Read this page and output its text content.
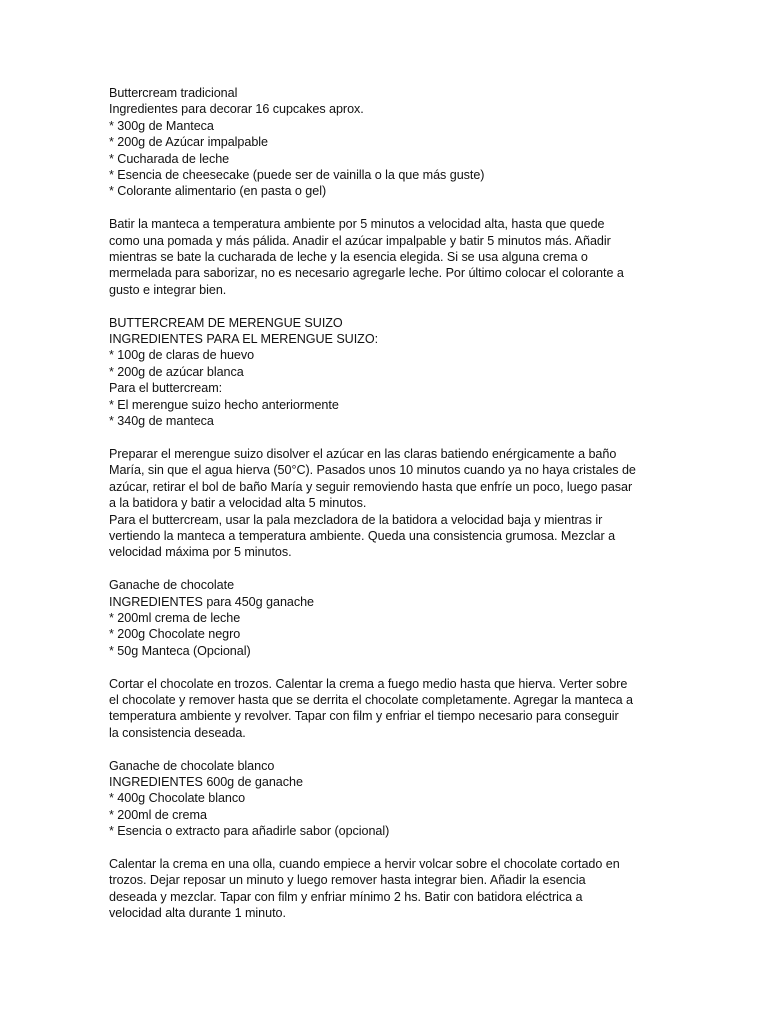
Buttercream tradicional
Ingredientes para decorar 16 cupcakes aprox.
* 300g de Manteca
* 200g de Azúcar impalpable
* Cucharada de leche
* Esencia de cheesecake (puede ser de vainilla o la que más guste)
* Colorante alimentario (en pasta o gel)
Batir la manteca a temperatura ambiente por 5 minutos a velocidad alta, hasta que quede
como una pomada y más pálida. Anadir el azúcar impalpable y batir 5 minutos más. Añadir
mientras se bate la cucharada de leche y la esencia elegida. Si se usa alguna crema o
mermelada para saborizar, no es necesario agregarle leche. Por último colocar el colorante a
gusto e integrar bien.
BUTTERCREAM DE MERENGUE SUIZO
INGREDIENTES PARA EL MERENGUE SUIZO:
* 100g de claras de huevo
* 200g de azúcar blanca
Para el buttercream:
* El merengue suizo hecho anteriormente
* 340g de manteca
Preparar el merengue suizo disolver el azúcar en las claras batiendo enérgicamente a baño
María, sin que el agua hierva (50°C). Pasados unos 10 minutos cuando ya no haya cristales de
azúcar, retirar el bol de baño María y seguir removiendo hasta que enfríe un poco, luego pasar
a la batidora y batir a velocidad alta 5 minutos.
Para el buttercream, usar la pala mezcladora de la batidora a velocidad baja y mientras ir
vertiendo la manteca a temperatura ambiente. Queda una consistencia grumosa. Mezclar a
velocidad máxima por 5 minutos.
Ganache de chocolate
INGREDIENTES para 450g ganache
* 200ml crema de leche
* 200g Chocolate negro
* 50g Manteca (Opcional)
Cortar el chocolate en trozos. Calentar la crema a fuego medio hasta que hierva. Verter sobre
el chocolate y remover hasta que se derrita el chocolate completamente. Agregar la manteca a
temperatura ambiente y revolver. Tapar con film y enfriar el tiempo necesario para conseguir
la consistencia deseada.
Ganache de chocolate blanco
INGREDIENTES 600g de ganache
* 400g Chocolate blanco
* 200ml de crema
* Esencia o extracto para añadirle sabor (opcional)
Calentar la crema en una olla, cuando empiece a hervir volcar sobre el chocolate cortado en
trozos. Dejar reposar un minuto y luego remover hasta integrar bien. Añadir la esencia
deseada y mezclar. Tapar con film y enfriar mínimo 2 hs. Batir con batidora eléctrica a
velocidad alta durante 1 minuto.
